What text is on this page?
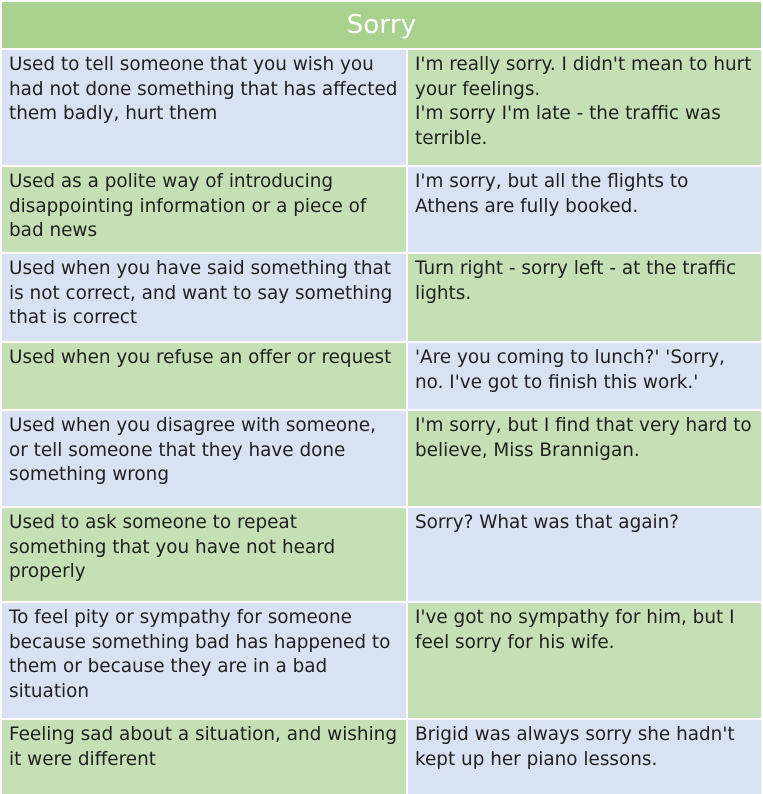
Sorry
Used to tell someone that you wish you had not done something that has affected them badly, hurt them
I'm really sorry. I didn't mean to hurt your feelings.
I'm sorry I'm late - the traffic was terrible.
Used as a polite way of introducing disappointing information or a piece of bad news
I'm sorry, but all the flights to Athens are fully booked.
Used when you have said something that is not correct, and want to say something that is correct
Turn right - sorry left - at the traffic lights.
Used when you refuse an offer or request	'Are you coming to lunch?' 'Sorry, no. I've got to finish this work.'
Used when you disagree with someone, or tell someone that they have done something wrong
I'm sorry, but I find that very hard to believe, Miss Brannigan.
Used to ask someone to repeat something that you have not heard properly
Sorry? What was that again?
To feel pity or sympathy for someone because something bad has happened to them or because they are in a bad situation
I've got no sympathy for him, but I feel sorry for his wife.
Feeling sad about a situation, and wishing it were different
Brigid was always sorry she hadn't kept up her piano lessons.
